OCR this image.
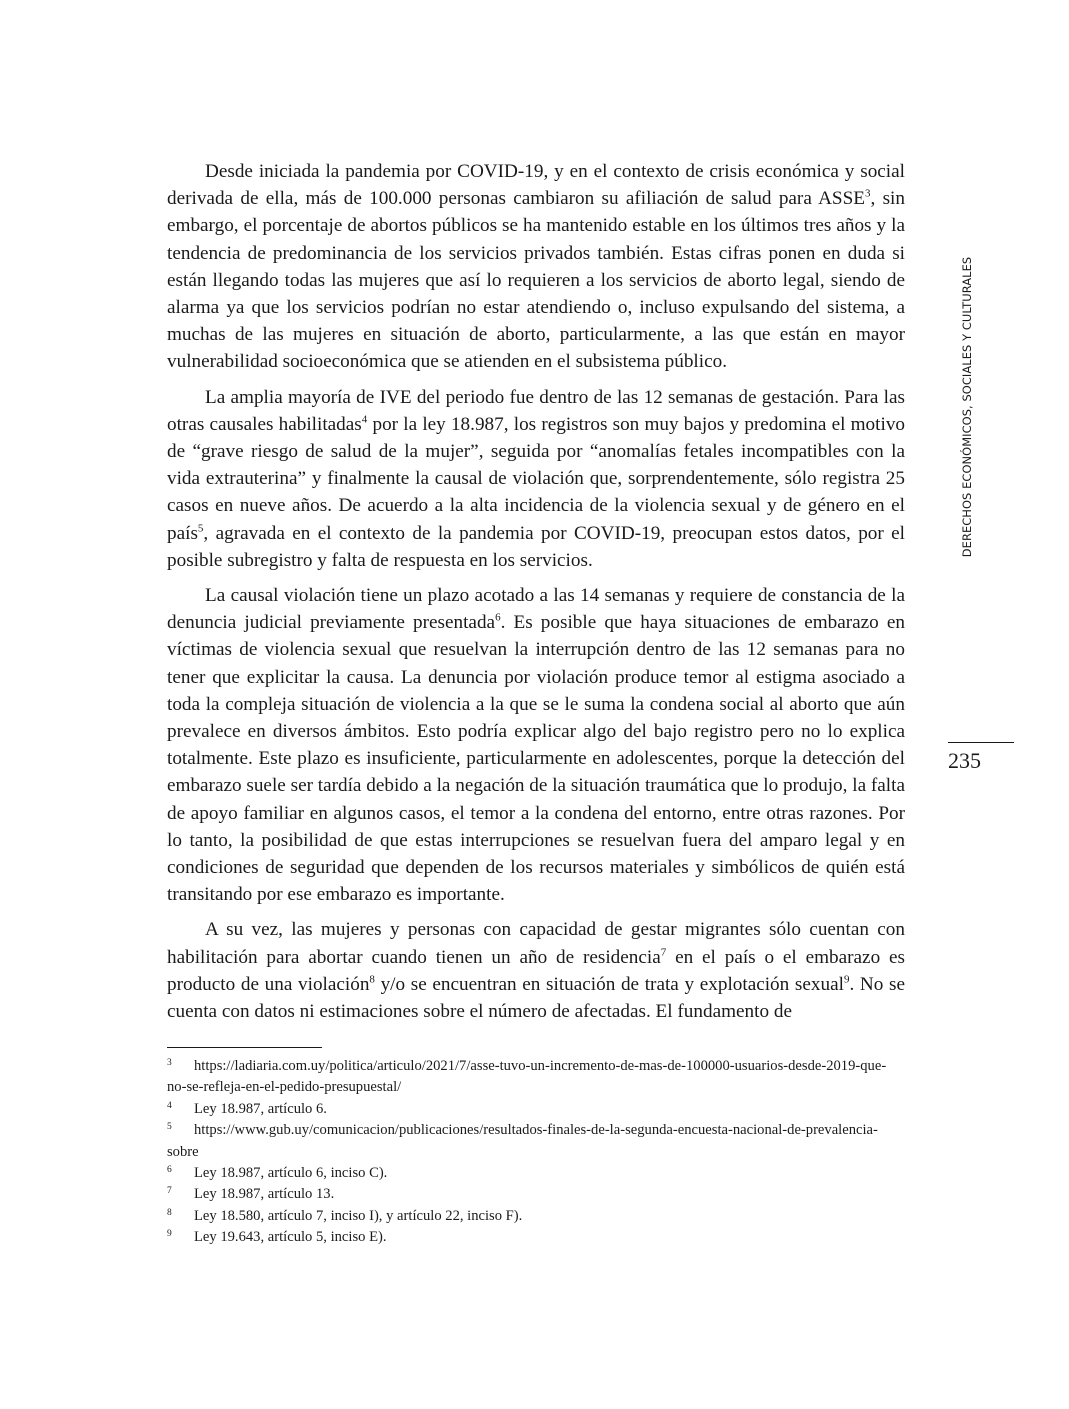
Desde iniciada la pandemia por COVID-19, y en el contexto de crisis económica y social derivada de ella, más de 100.000 personas cambiaron su afiliación de salud para ASSE$^3$, sin embargo, el porcentaje de abortos públicos se ha mantenido estable en los últimos tres años y la tendencia de predominancia de los servicios privados también. Estas cifras ponen en duda si están llegando todas las mujeres que así lo requieren a los servicios de aborto legal, siendo de alarma ya que los servicios podrían no estar atendiendo o, incluso expulsando del sistema, a muchas de las mujeres en situación de aborto, particularmente, a las que están en mayor vulnerabilidad socioeconómica que se atienden en el subsistema público.

La amplia mayoría de IVE del periodo fue dentro de las 12 semanas de gestación. Para las otras causales habilitadas$^4$ por la ley 18.987, los registros son muy bajos y predomina el motivo de “grave riesgo de salud de la mujer”, seguida por “anomalías fetales incompatibles con la vida extrauterina” y finalmente la causal de violación que, sorprendentemente, sólo registra 25 casos en nueve años. De acuerdo a la alta incidencia de la violencia sexual y de género en el país$^5$, agravada en el contexto de la pandemia por COVID-19, preocupan estos datos, por el posible subregistro y falta de respuesta en los servicios.

La causal violación tiene un plazo acotado a las 14 semanas y requiere de constancia de la denuncia judicial previamente presentada$^6$. Es posible que haya situaciones de embarazo en víctimas de violencia sexual que resuelvan la interrupción dentro de las 12 semanas para no tener que explicitar la causa. La denuncia por violación produce temor al estigma asociado a toda la compleja situación de violencia a la que se le suma la condena social al aborto que aún prevalece en diversos ámbitos. Esto podría explicar algo del bajo registro pero no lo explica totalmente. Este plazo es insuficiente, particularmente en adolescentes, porque la detección del embarazo suele ser tardía debido a la negación de la situación traumática que lo produjo, la falta de apoyo familiar en algunos casos, el temor a la condena del entorno, entre otras razones. Por lo tanto, la posibilidad de que estas interrupciones se resuelvan fuera del amparo legal y en condiciones de seguridad que dependen de los recursos materiales y simbólicos de quién está transitando por ese embarazo es importante.

A su vez, las mujeres y personas con capacidad de gestar migrantes sólo cuentan con habilitación para abortar cuando tienen un año de residencia$^7$ en el país o el embarazo es producto de una violación$^8$ y/o se encuentran en situación de trata y explotación sexual$^9$. No se cuenta con datos ni estimaciones sobre el número de afectadas. El fundamento de

DERECHOS ECONÓMICOS, SOCIALES Y CULTURALES
235
3 https://ladiaria.com.uy/politica/articulo/2021/7/asse-tuvo-un-incremento-de-mas-de-100000-usuarios-desde-2019-que-no-se-refleja-en-el-pedido-presupuestal/
4 Ley 18.987, artículo 6.
5 https://www.gub.uy/comunicacion/publicaciones/resultados-finales-de-la-segunda-encuesta-nacional-de-prevalencia-sobre
6 Ley 18.987, artículo 6, inciso C).
7 Ley 18.987, artículo 13.
8 Ley 18.580, artículo 7, inciso I), y artículo 22, inciso F).
9 Ley 19.643, artículo 5, inciso E).
